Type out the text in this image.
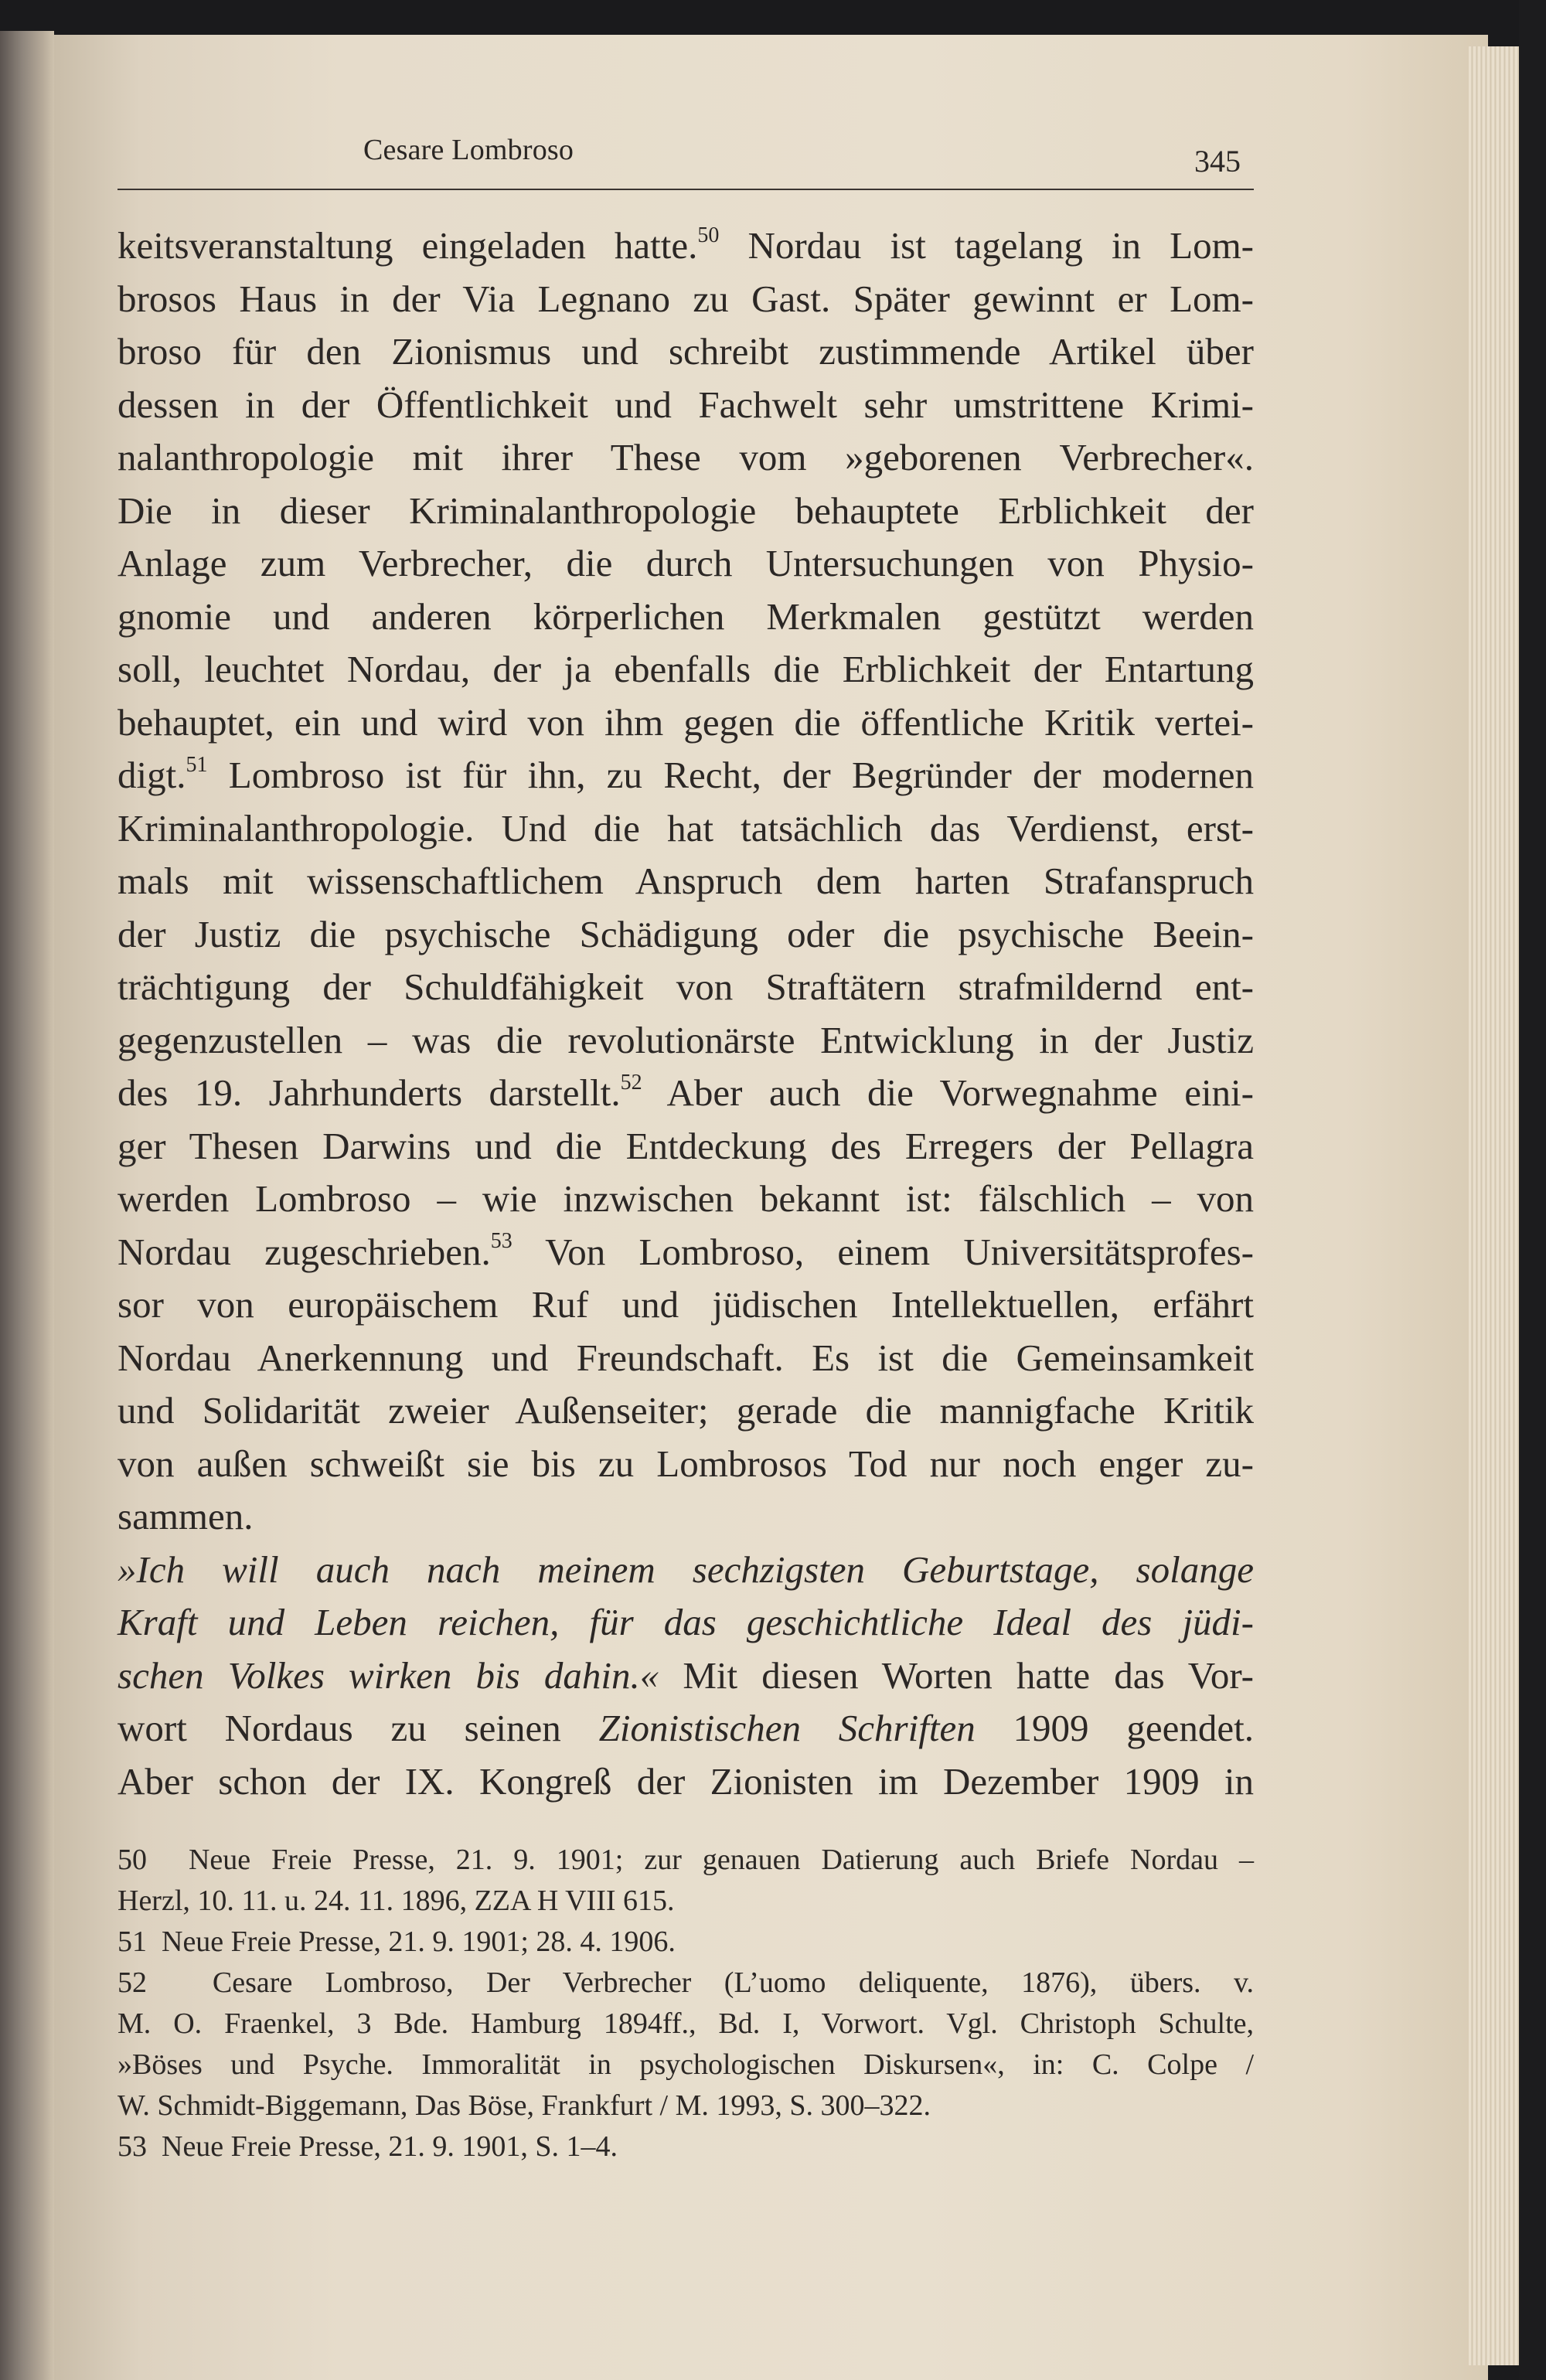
Cesare Lombroso	345
keitsveranstaltung eingeladen hatte.$^{50}$ Nordau ist tagelang in Lom-
brosos Haus in der Via Legnano zu Gast. Später gewinnt er Lom-
broso für den Zionismus und schreibt zustimmende Artikel über
dessen in der Öffentlichkeit und Fachwelt sehr umstrittene Krimi-
nalanthropologie mit ihrer These vom »geborenen Verbrecher«.
Die in dieser Kriminalanthropologie behauptete Erblichkeit der
Anlage zum Verbrecher, die durch Untersuchungen von Physio-
gnomie und anderen körperlichen Merkmalen gestützt werden
soll, leuchtet Nordau, der ja ebenfalls die Erblichkeit der Entartung
behauptet, ein und wird von ihm gegen die öffentliche Kritik vertei-
digt.$^{51}$ Lombroso ist für ihn, zu Recht, der Begründer der modernen
Kriminalanthropologie. Und die hat tatsächlich das Verdienst, erst-
mals mit wissenschaftlichem Anspruch dem harten Strafanspruch
der Justiz die psychische Schädigung oder die psychische Beein-
trächtigung der Schuldfähigkeit von Straftätern strafmildernd ent-
gegenzustellen – was die revolutionärste Entwicklung in der Justiz
des 19. Jahrhunderts darstellt.$^{52}$ Aber auch die Vorwegnahme eini-
ger Thesen Darwins und die Entdeckung des Erregers der Pellagra
werden Lombroso – wie inzwischen bekannt ist: fälschlich – von
Nordau zugeschrieben.$^{53}$ Von Lombroso, einem Universitätsprofes-
sor von europäischem Ruf und jüdischen Intellektuellen, erfährt
Nordau Anerkennung und Freundschaft. Es ist die Gemeinsamkeit
und Solidarität zweier Außenseiter; gerade die mannigfache Kritik
von außen schweißt sie bis zu Lombrosos Tod nur noch enger zu-
sammen.
»Ich will auch nach meinem sechzigsten Geburtstage, solange
Kraft und Leben reichen, für das geschichtliche Ideal des jüdi-
schen Volkes wirken bis dahin.« Mit diesen Worten hatte das Vor-
wort Nordaus zu seinen Zionistischen Schriften 1909 geendet.
Aber schon der IX. Kongreß der Zionisten im Dezember 1909 in
50 Neue Freie Presse, 21. 9. 1901; zur genauen Datierung auch Briefe Nordau –
Herzl, 10. 11. u. 24. 11. 1896, ZZA H VIII 615.
51 Neue Freie Presse, 21. 9. 1901; 28. 4. 1906.
52 Cesare Lombroso, Der Verbrecher (L’uomo deliquente, 1876), übers. v.
M. O. Fraenkel, 3 Bde. Hamburg 1894ff., Bd. I, Vorwort. Vgl. Christoph Schulte,
»Böses und Psyche. Immoralität in psychologischen Diskursen«, in: C. Colpe /
W. Schmidt-Biggemann, Das Böse, Frankfurt / M. 1993, S. 300–322.
53 Neue Freie Presse, 21. 9. 1901, S. 1–4.
